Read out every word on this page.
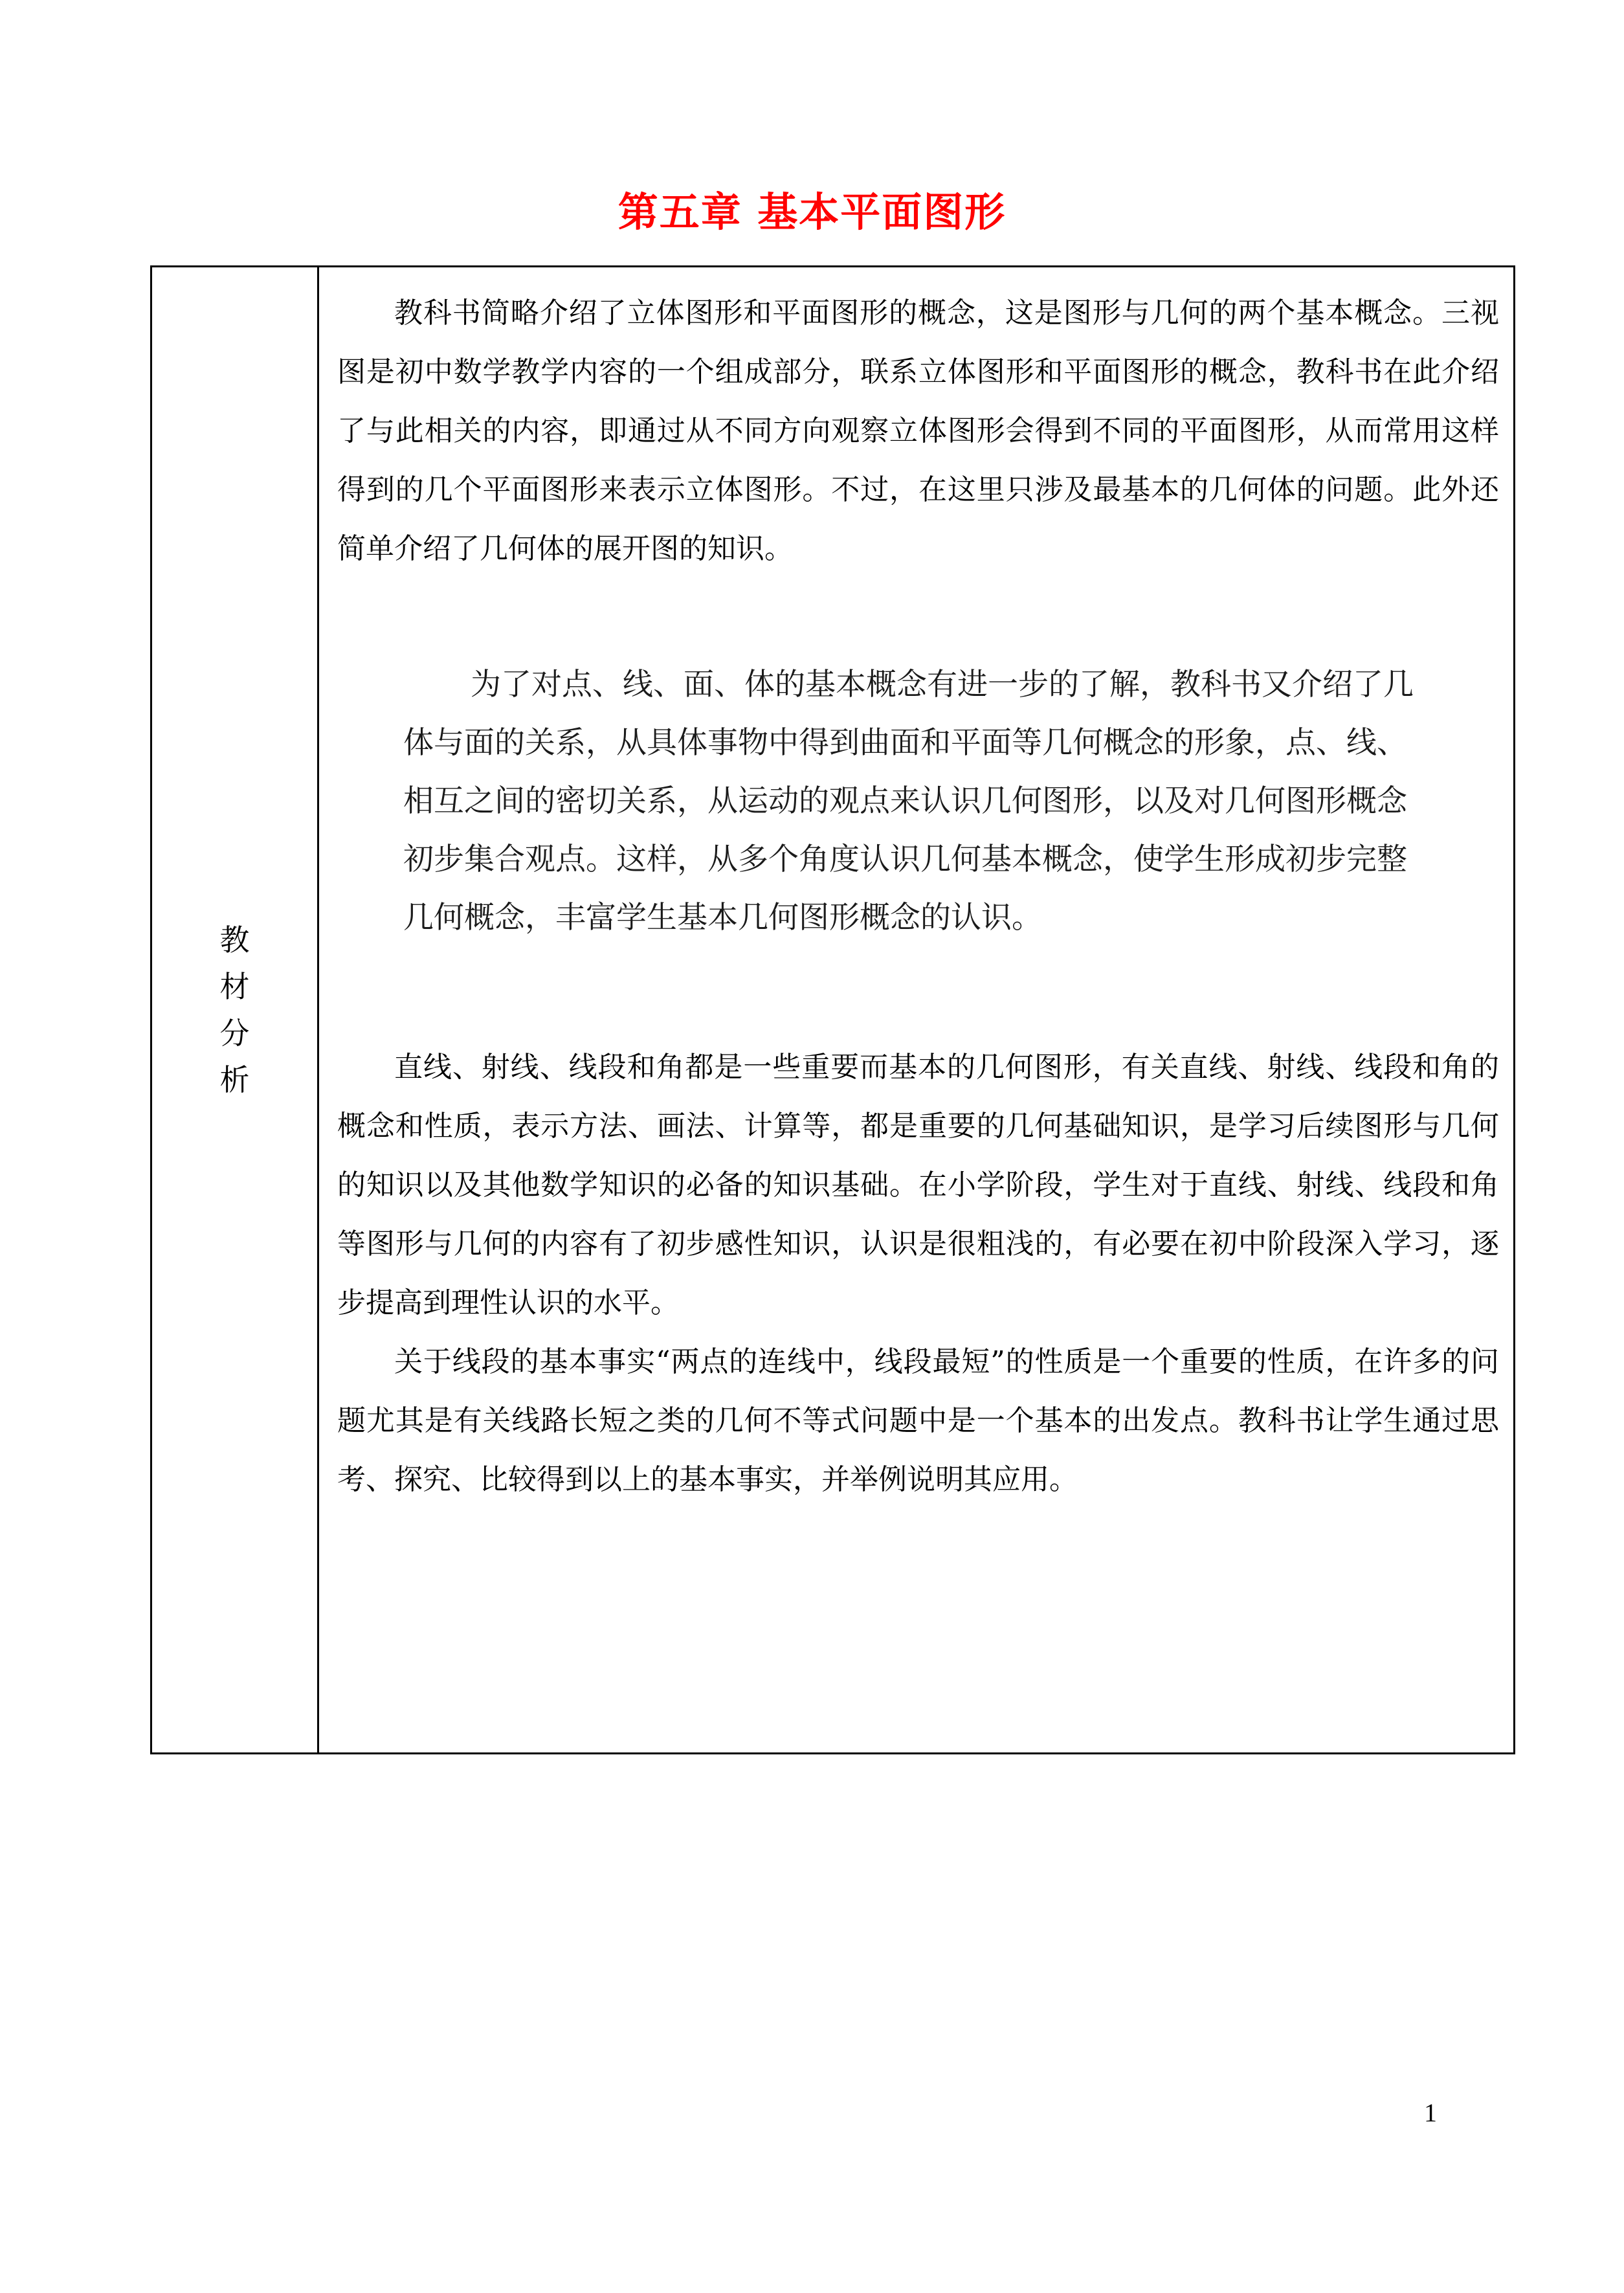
第五章 基本平面图形
教
材
分
析

教科书简略介绍了立体图形和平面图形的概念，这是图形与几何的两个基本概念。三视图是初中数学教学内容的一个组成部分，联系立体图形和平面图形的概念，教科书在此介绍了与此相关的内容，即通过从不同方向观察立体图形会得到不同的平面图形，从而常用这样得到的几个平面图形来表示立体图形。不过，在这里只涉及最基本的几何体的问题。此外还简单介绍了几何体的展开图的知识。

为了对点、线、面、体的基本概念有进一步的了解，教科书又介绍了几
体与面的关系，从具体事物中得到曲面和平面等几何概念的形象，点、线、
相互之间的密切关系，从运动的观点来认识几何图形，以及对几何图形概念
初步集合观点。这样，从多个角度认识几何基本概念，使学生形成初步完整
几何概念，丰富学生基本几何图形概念的认识。

直线、射线、线段和角都是一些重要而基本的几何图形，有关直线、射线、线段和角的概念和性质，表示方法、画法、计算等，都是重要的几何基础知识，是学习后续图形与几何的知识以及其他数学知识的必备的知识基础。在小学阶段，学生对于直线、射线、线段和角等图形与几何的内容有了初步感性知识，认识是很粗浅的，有必要在初中阶段深入学习，逐步提高到理性认识的水平。

关于线段的基本事实“两点的连线中，线段最短”的性质是一个重要的性质，在许多的问题尤其是有关线路长短之类的几何不等式问题中是一个基本的出发点。教科书让学生通过思考、探究、比较得到以上的基本事实，并举例说明其应用。

1
